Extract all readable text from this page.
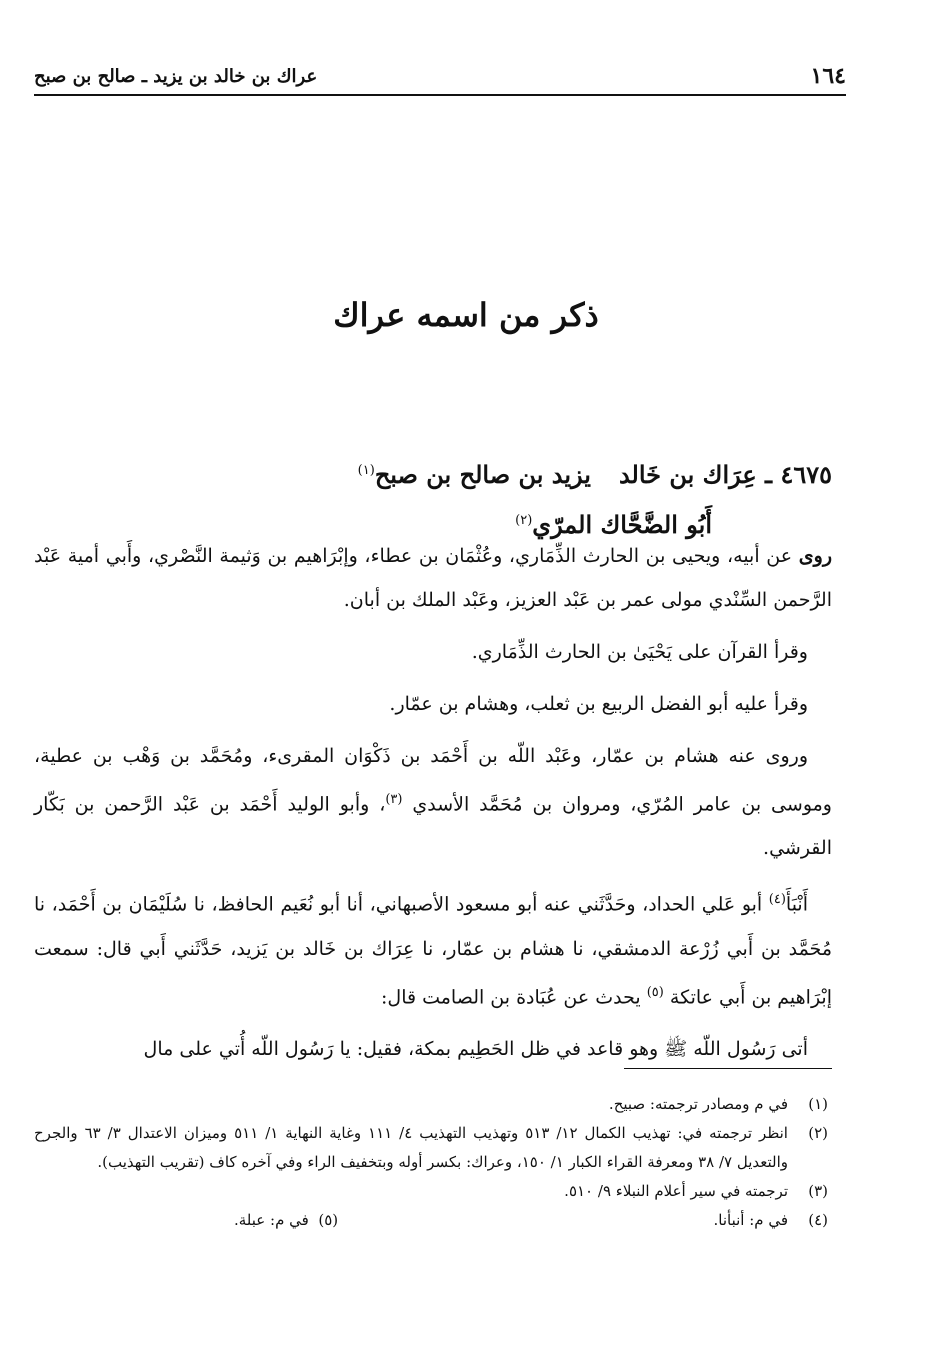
١٦٤
عراك بن خالد بن يزيد ـ صالح بن صبح
ذكر من اسمه عراك
٤٦٧٥ ـ عِرَاك بن خَالديزيد بن صالح بن صبح$^{(١)}$
أَبُو الضَّحَّاك المرّي$^{(٢)}$

روى عن أبيه، ويحيى بن الحارث الذِّمَاري، وعُثْمَان بن عطاء، وإبْرَاهيم بن وَثيمة النَّصْري، وأَبي أمية عَبْد الرَّحمن السِّنْدي مولى عمر بن عَبْد العزيز، وعَبْد الملك بن أبان.

وقرأ القرآن على يَحْيَىٰ بن الحارث الذِّمَاري.

وقرأ عليه أبو الفضل الربيع بن ثعلب، وهشام بن عمّار.

وروى عنه هشام بن عمّار، وعَبْد اللّه بن أَحْمَد بن ذَكْوَان المقرىء، ومُحَمَّد بن وَهْب بن عطية، وموسى بن عامر المُرّي، ومروان بن مُحَمَّد الأسدي $^{(٣)}$، وأبو الوليد أَحْمَد بن عَبْد الرَّحمن بن بَكّار القرشي.

أَنْبَأَ$^{(٤)}$ أبو عَلي الحداد، وحَدَّثَني عنه أبو مسعود الأصبهاني، أنا أبو نُعَيم الحافظ، نا سُلَيْمَان بن أَحْمَد، نا مُحَمَّد بن أَبي زُرْعة الدمشقي، نا هشام بن عمّار، نا عِرَاك بن خَالد بن يَزيد، حَدَّثَني أَبي قال: سمعت إبْرَاهيم بن أَبي عاتكة $^{(٥)}$ يحدث عن عُبَادة بن الصامت قال:

أتى رَسُول اللّه ﷺ وهو قاعد في ظل الحَطِيم بمكة، فقيل: يا رَسُول اللّه أُتي على مال

(١)
في م ومصادر ترجمته: صبيح.
(٢)
انظر ترجمته في: تهذيب الكمال ١٢/ ٥١٣ وتهذيب التهذيب ٤/ ١١١ وغاية النهاية ١/ ٥١١ وميزان الاعتدال ٣/ ٦٣ والجرح والتعديل ٧/ ٣٨ ومعرفة القراء الكبار ١/ ١٥٠، وعراك: بكسر أوله وبتخفيف الراء وفي آخره كاف (تقريب التهذيب).
(٣)
ترجمته في سير أعلام النبلاء ٩/ ٥١٠.
(٤)
في م: أنبأنا.
(٥)  في م: عبلة.
